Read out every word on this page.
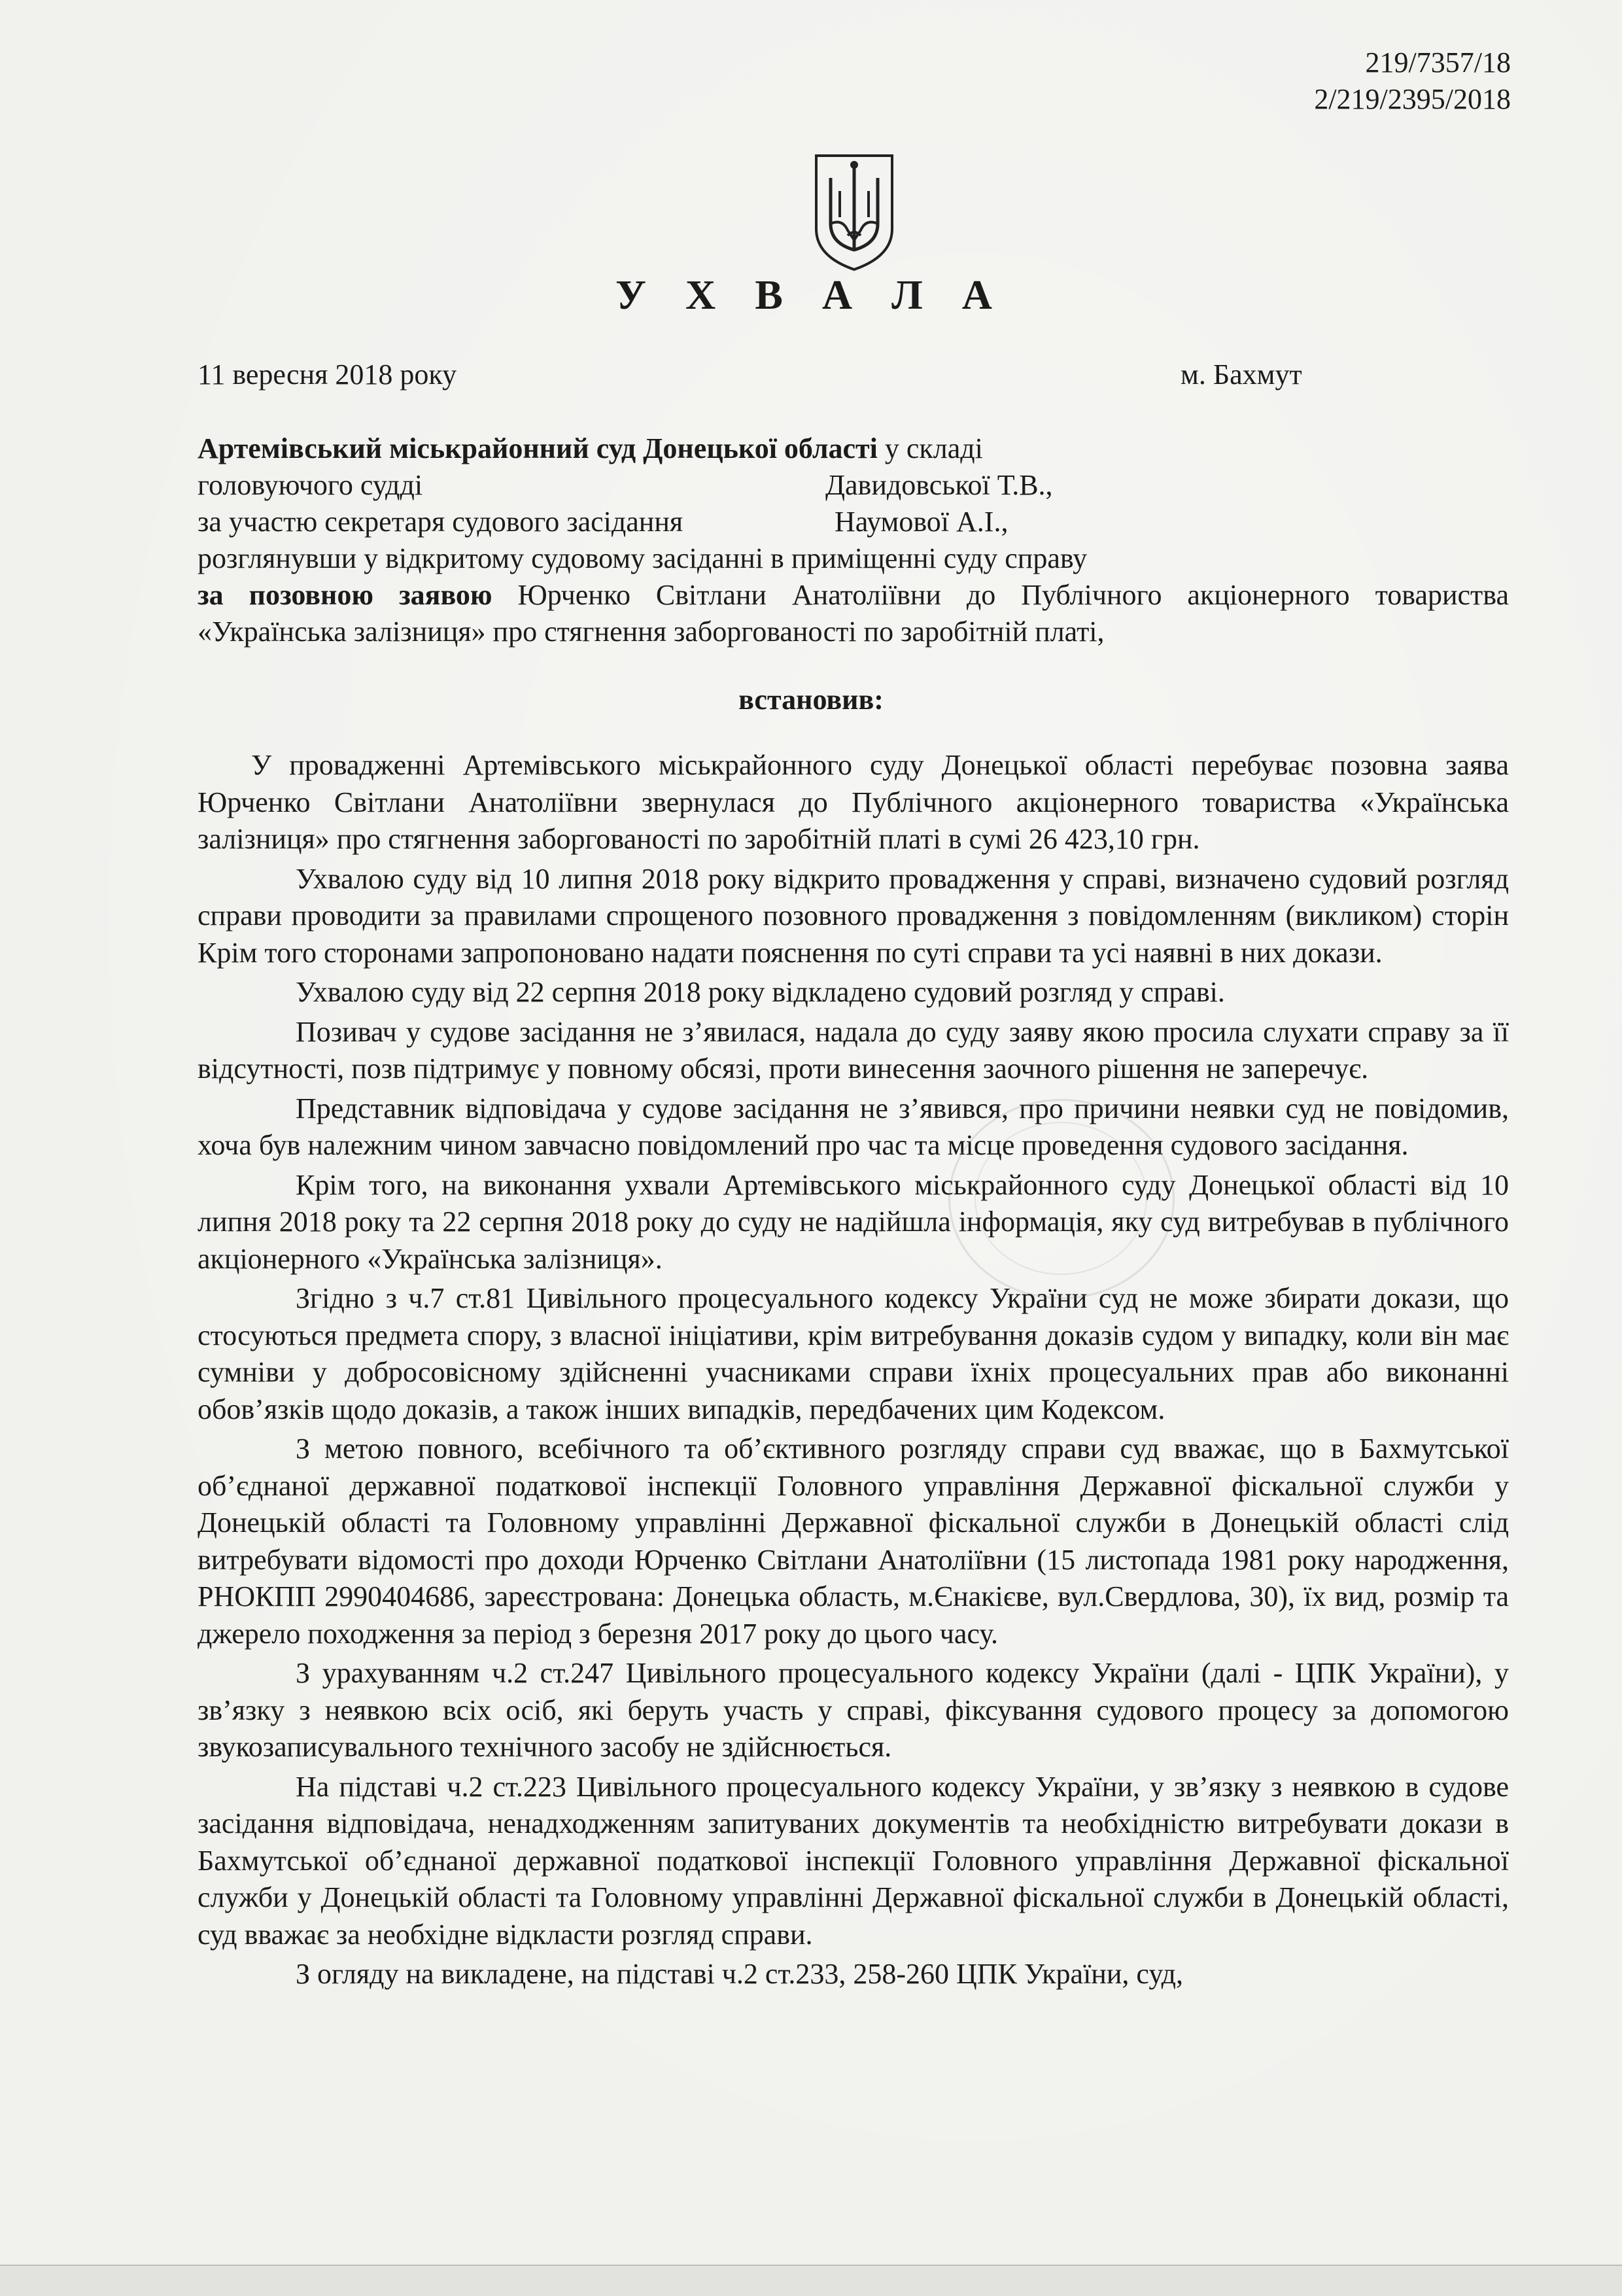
219/7357/18
2/219/2395/2018
У Х В А Л А
11 вересня 2018 року	м. Бахмут
Артемівський міськрайонний суд Донецької області у складі
головуючого судді	Давидовської Т.В.,
за участю секретаря судового засідання	Наумової А.І.,
розглянувши у відкритому судовому засіданні в приміщенні суду справу
за позовною заявою Юрченко Світлани Анатоліївни до Публічного акціонерного товариства
«Українська залізниця» про стягнення заборгованості по заробітній платі,
встановив:

У провадженні Артемівського міськрайонного суду Донецької області перебуває позовна заява Юрченко Світлани Анатоліївни звернулася до Публічного акціонерного товариства «Українська залізниця» про стягнення заборгованості по заробітній платі в сумі 26 423,10 грн.

Ухвалою суду від 10 липня 2018 року відкрито провадження у справі, визначено судовий розгляд справи проводити за правилами спрощеного позовного провадження з повідомленням (викликом) сторін Крім того сторонами запропоновано надати пояснення по суті справи та усі наявні в них докази.

Ухвалою суду від 22 серпня 2018 року відкладено судовий розгляд у справі.

Позивач у судове засідання не з’явилася, надала до суду заяву якою просила слухати справу за її відсутності, позв підтримує у повному обсязі, проти винесення заочного рішення не заперечує.

Представник відповідача у судове засідання не з’явився, про причини неявки суд не повідомив, хоча був належним чином завчасно повідомлений про час та місце проведення судового засідання.

Крім того, на виконання ухвали Артемівського міськрайонного суду Донецької області від 10 липня 2018 року та 22 серпня 2018 року до суду не надійшла інформація, яку суд витребував в публічного акціонерного «Українська залізниця».

Згідно з ч.7 ст.81 Цивільного процесуального кодексу України суд не може збирати докази, що стосуються предмета спору, з власної ініціативи, крім витребування доказів судом у випадку, коли він має сумніви у добросовісному здійсненні учасниками справи їхніх процесуальних прав або виконанні обов’язків щодо доказів, а також інших випадків, передбачених цим Кодексом.

З метою повного, всебічного та об’єктивного розгляду справи суд вважає, що в Бахмутської об’єднаної державної податкової інспекції Головного управління Державної фіскальної служби у Донецькій області та Головному управлінні Державної фіскальної служби в Донецькій області слід витребувати відомості про доходи Юрченко Світлани Анатоліївни (15 листопада 1981 року народження, РНОКПП 2990404686, зареєстрована: Донецька область, м.Єнакієве, вул.Свердлова, 30), їх вид, розмір та джерело походження за період з березня 2017 року до цього часу.

З урахуванням ч.2 ст.247 Цивільного процесуального кодексу України (далі - ЦПК України), у зв’язку з неявкою всіх осіб, які беруть участь у справі, фіксування судового процесу за допомогою звукозаписувального технічного засобу не здійснюється.

На підставі ч.2 ст.223 Цивільного процесуального кодексу України, у зв’язку з неявкою в судове засідання відповідача, ненадходженням запитуваних документів та необхідністю витребувати докази в Бахмутської об’єднаної державної податкової інспекції Головного управління Державної фіскальної служби у Донецькій області та Головному управлінні Державної фіскальної служби в Донецькій області, суд вважає за необхідне відкласти розгляд справи.

З огляду на викладене, на підставі ч.2 ст.233, 258-260 ЦПК України, суд,
